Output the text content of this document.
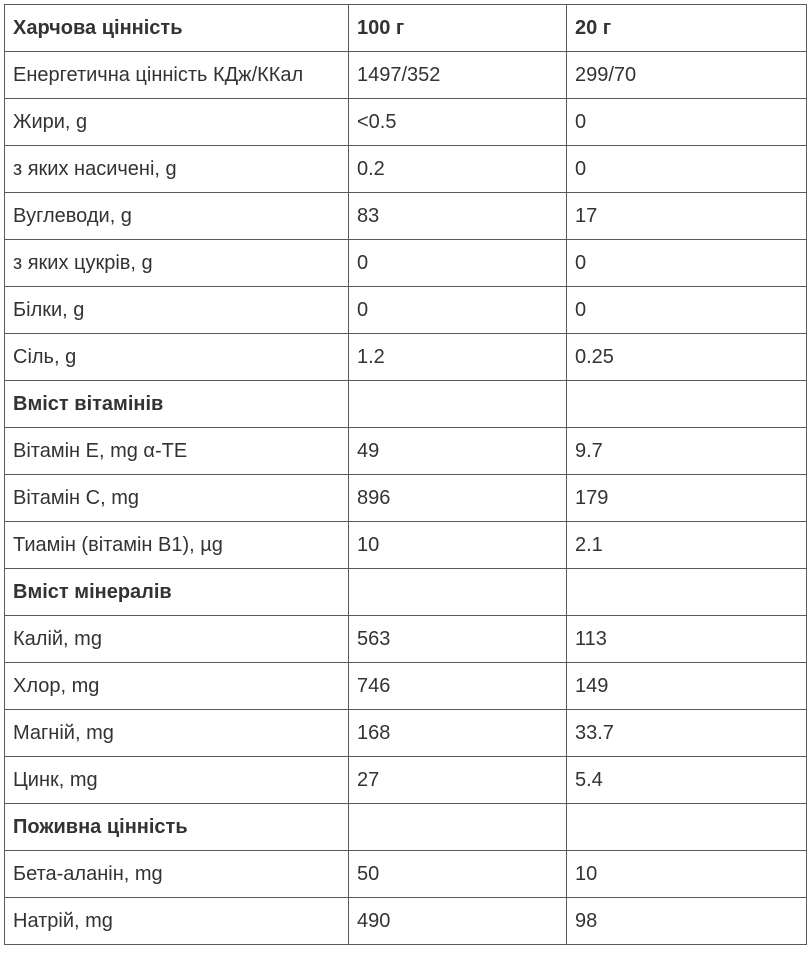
Харчова цінність	100 г	20 г
Енергетична цінність КДж/ККал	1497/352	299/70
Жири, g	<0.5	0
з яких насичені, g	0.2	0
Вуглеводи, g	83	17
з яких цукрів, g	0	0
Білки, g	0	0
Сіль, g	1.2	0.25
Вміст вітамінів		
Вітамін E, mg α-TE	49	9.7
Вітамін C, mg	896	179
Тиамін (вітамін B1), µg	10	2.1
Вміст мінералів		
Калій, mg	563	113
Хлор, mg	746	149
Магній, mg	168	33.7
Цинк, mg	27	5.4
Поживна цінність		
Бета-аланін, mg	50	10
Натрій, mg	490	98
